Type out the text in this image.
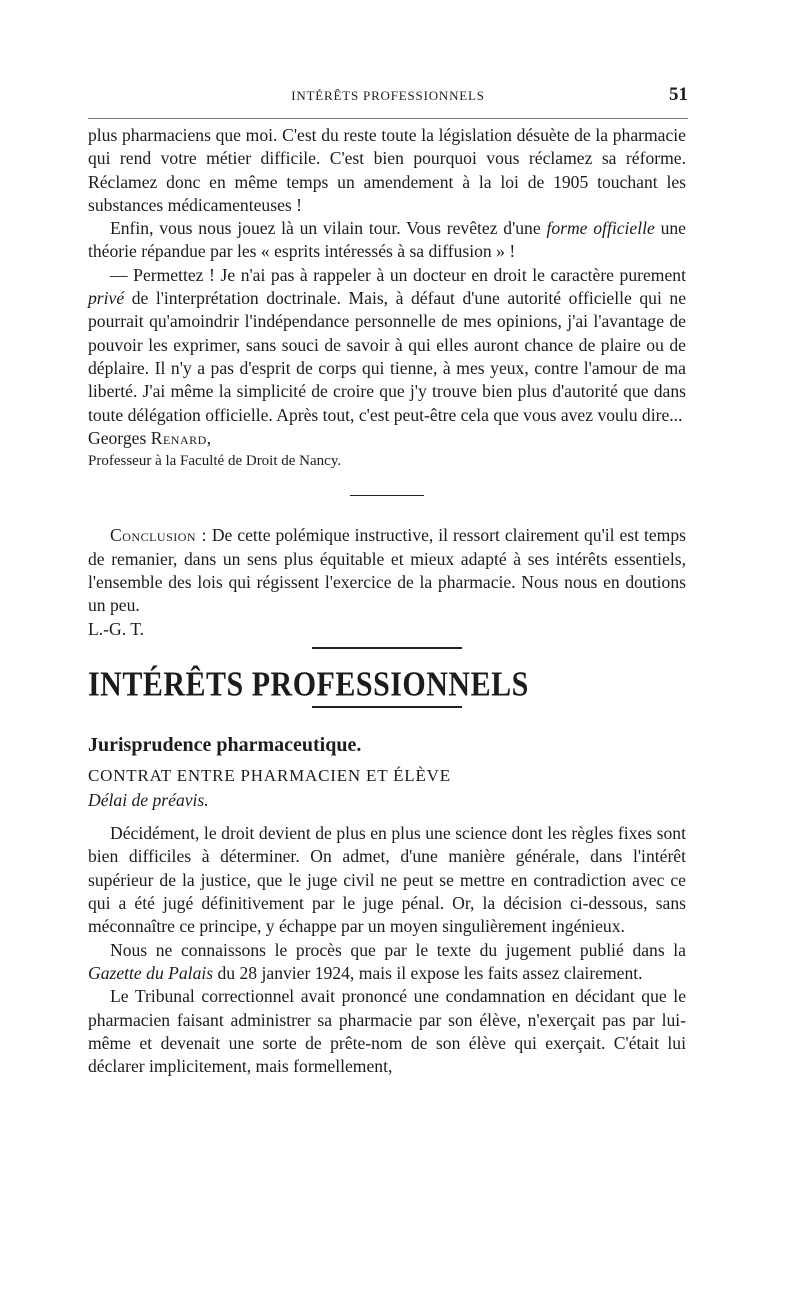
INTÉRÊTS PROFESSIONNELS	51

plus pharmaciens que moi. C'est du reste toute la législation désuète de la pharmacie qui rend votre métier difficile. C'est bien pourquoi vous réclamez sa réforme. Réclamez donc en même temps un amendement à la loi de 1905 touchant les substances médicamenteuses !

Enfin, vous nous jouez là un vilain tour. Vous revêtez d'une forme officielle une théorie répandue par les « esprits intéressés à sa diffusion » !

— Permettez ! Je n'ai pas à rappeler à un docteur en droit le caractère purement privé de l'interprétation doctrinale. Mais, à défaut d'une autorité officielle qui ne pourrait qu'amoindrir l'indépendance personnelle de mes opinions, j'ai l'avantage de pouvoir les exprimer, sans souci de savoir à qui elles auront chance de plaire ou de déplaire. Il n'y a pas d'esprit de corps qui tienne, à mes yeux, contre l'amour de ma liberté. J'ai même la simplicité de croire que j'y trouve bien plus d'autorité que dans toute délégation officielle. Après tout, c'est peut-être cela que vous avez voulu dire...

Georges Renard,

Professeur à la Faculté de Droit de Nancy.

Conclusion : De cette polémique instructive, il ressort clairement qu'il est temps de remanier, dans un sens plus équitable et mieux adapté à ses intérêts essentiels, l'ensemble des lois qui régissent l'exercice de la pharmacie. Nous nous en doutions un peu.

L.-G. T.

INTÉRÊTS PROFESSIONNELS

Jurisprudence pharmaceutique.

CONTRAT ENTRE PHARMACIEN ET ÉLÈVE

Délai de préavis.

Décidément, le droit devient de plus en plus une science dont les règles fixes sont bien difficiles à déterminer. On admet, d'une manière générale, dans l'intérêt supérieur de la justice, que le juge civil ne peut se mettre en contradiction avec ce qui a été jugé définitivement par le juge pénal. Or, la décision ci-dessous, sans méconnaître ce principe, y échappe par un moyen singulièrement ingénieux.

Nous ne connaissons le procès que par le texte du jugement publié dans la Gazette du Palais du 28 janvier 1924, mais il expose les faits assez clairement.

Le Tribunal correctionnel avait prononcé une condamnation en décidant que le pharmacien faisant administrer sa pharmacie par son élève, n'exerçait pas par lui-même et devenait une sorte de prête-nom de son élève qui exerçait. C'était lui déclarer implicitement, mais formellement,
